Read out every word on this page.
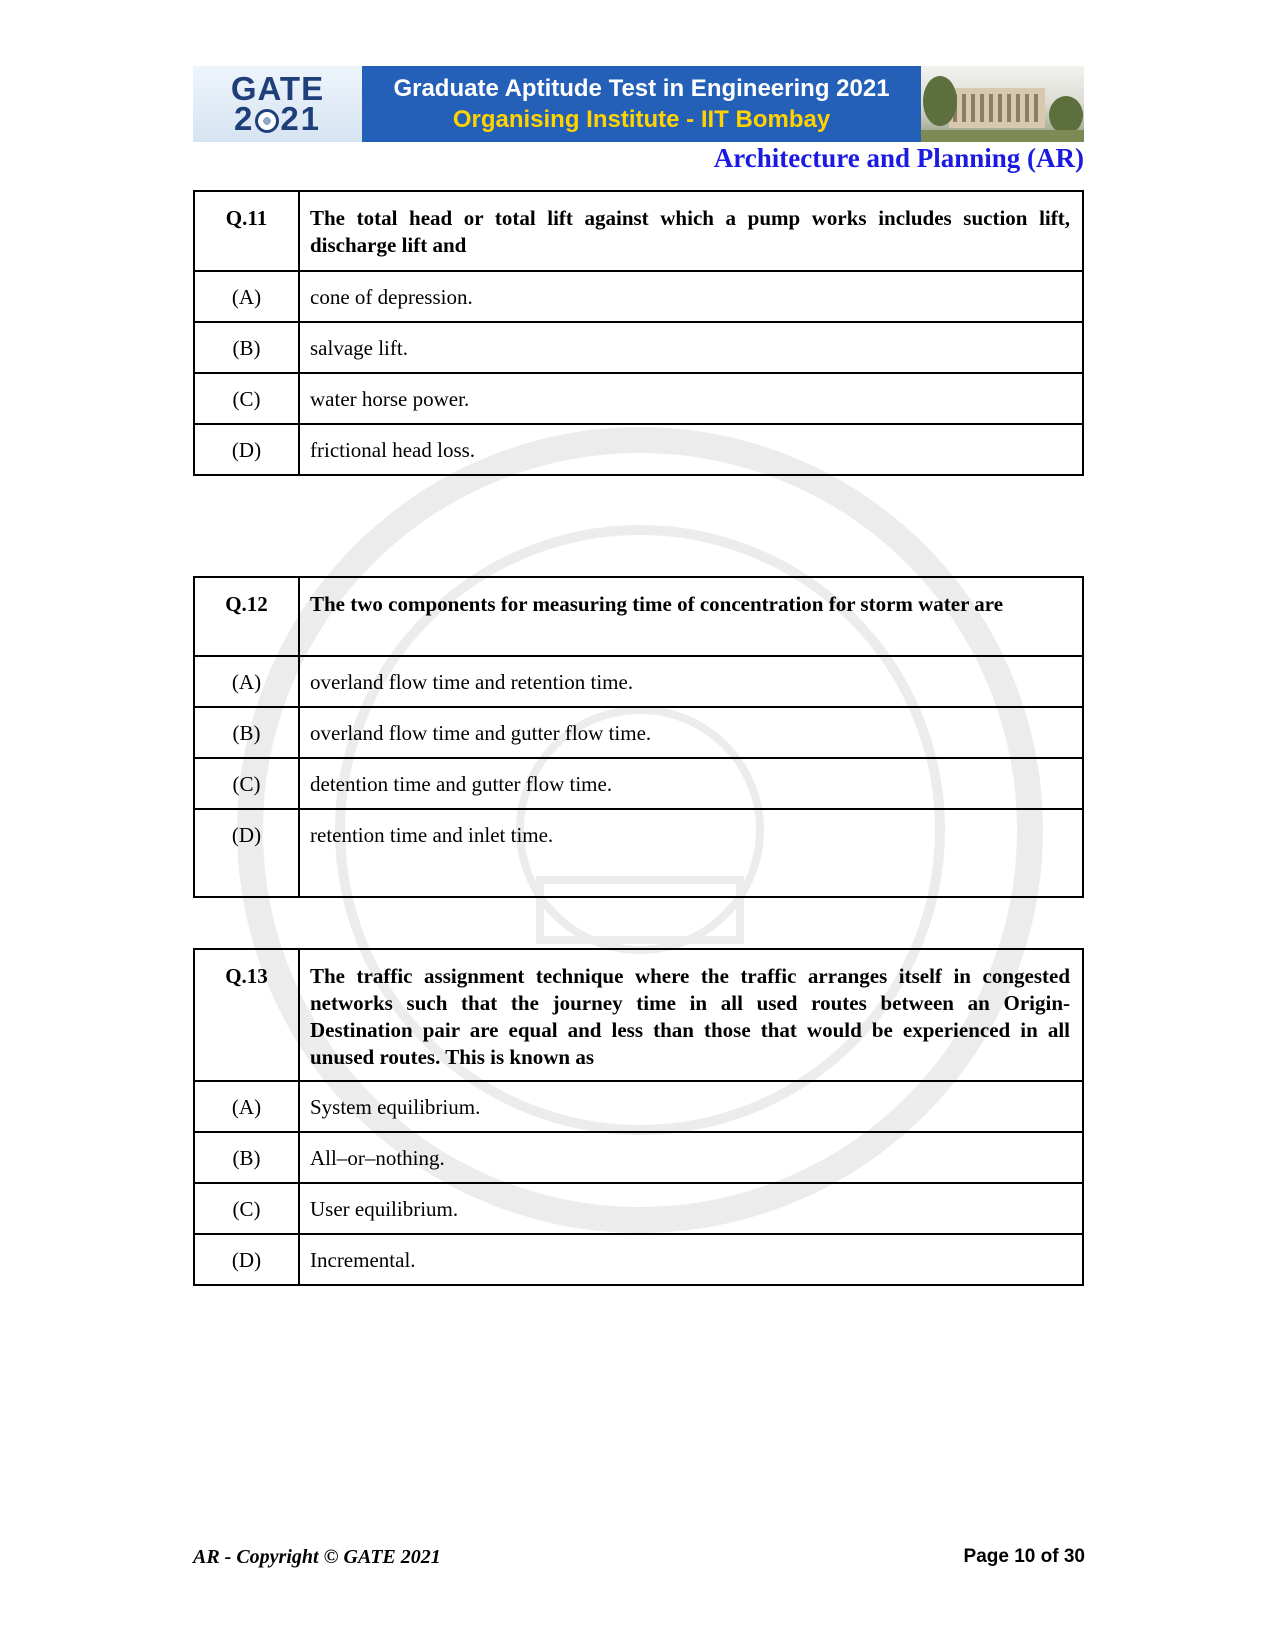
GATE
2 21
Graduate Aptitude Test in Engineering 2021
Organising Institute - IIT Bombay
Architecture and Planning (AR)
Q.11	The total head or total lift against which a pump works includes suction lift, discharge lift and
(A)	cone of depression.
(B)	salvage lift.
(C)	water horse power.
(D)	frictional head loss.
Q.12	The two components for measuring time of concentration for storm water are
(A)	overland flow time and retention time.
(B)	overland flow time and gutter flow time.
(C)	detention time and gutter flow time.
(D)	retention time and inlet time.
Q.13	The traffic assignment technique where the traffic arranges itself in congested networks such that the journey time in all used routes between an Origin-Destination pair are equal and less than those that would be experienced in all unused routes. This is known as
(A)	System equilibrium.
(B)	All–or–nothing.
(C)	User equilibrium.
(D)	Incremental.
AR - Copyright © GATE 2021	Page 10 of 30
